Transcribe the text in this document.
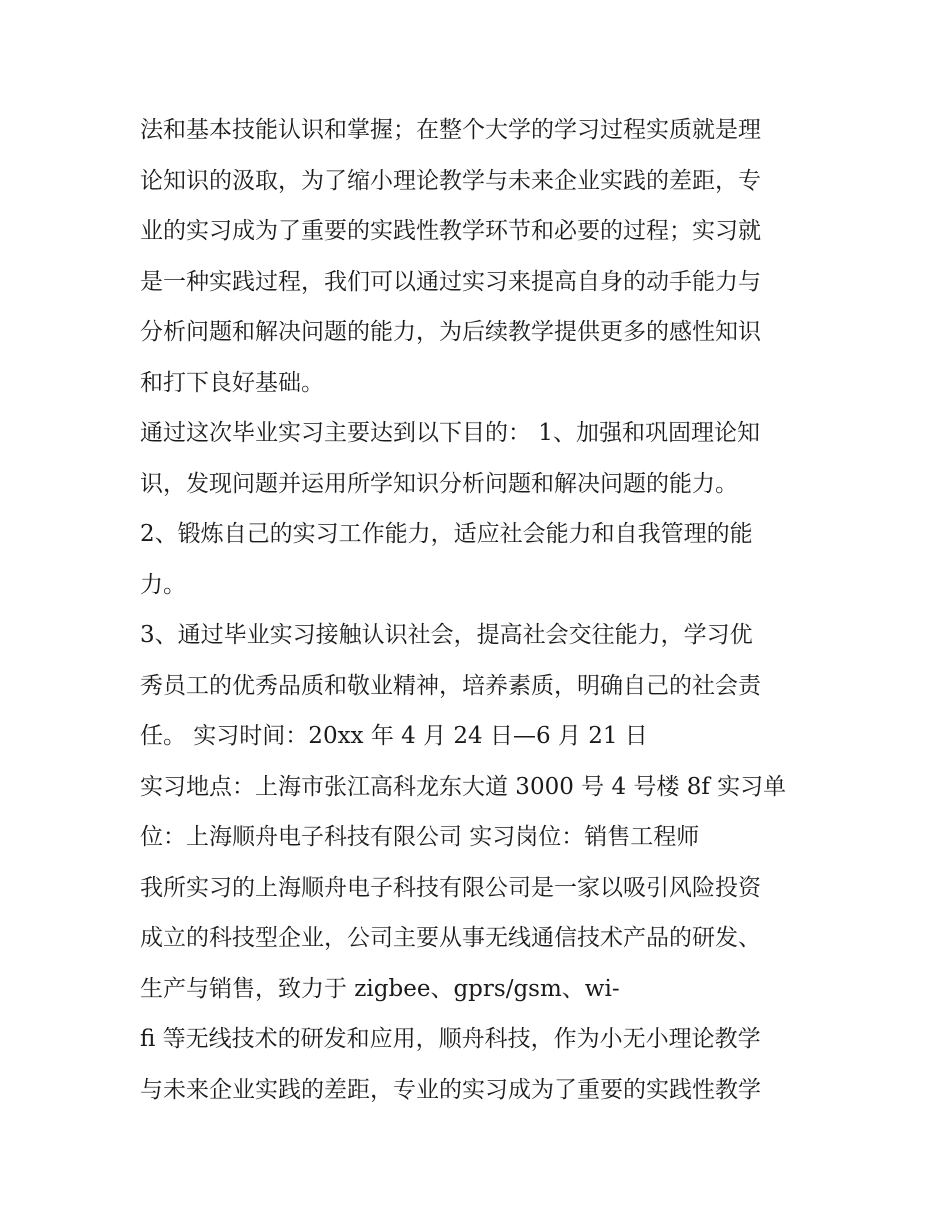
法和基本技能认识和掌握；在整个大学的学习过程实质就是理
论知识的汲取，为了缩小理论教学与未来企业实践的差距，专
业的实习成为了重要的实践性教学环节和必要的过程；实习就
是一种实践过程，我们可以通过实习来提高自身的动手能力与
分析问题和解决问题的能力，为后续教学提供更多的感性知识
和打下良好基础。
通过这次毕业实习主要达到以下目的： 1、加强和巩固理论知
识，发现问题并运用所学知识分析问题和解决问题的能力。
2、锻炼自己的实习工作能力，适应社会能力和自我管理的能
力。
3、通过毕业实习接触认识社会，提高社会交往能力，学习优
秀员工的优秀品质和敬业精神，培养素质，明确自己的社会责
任。 实习时间：20xx 年 4 月 24 日—6 月 21 日
实习地点：上海市张江高科龙东大道 3000 号 4 号楼 8f 实习单
位：上海顺舟电子科技有限公司 实习岗位：销售工程师
我所实习的上海顺舟电子科技有限公司是一家以吸引风险投资
成立的科技型企业，公司主要从事无线通信技术产品的研发、
生产与销售，致力于 zigbee、gprs/gsm、wi-
fi 等无线技术的研发和应用，顺舟科技，作为小无小理论教学
与未来企业实践的差距，专业的实习成为了重要的实践性教学
